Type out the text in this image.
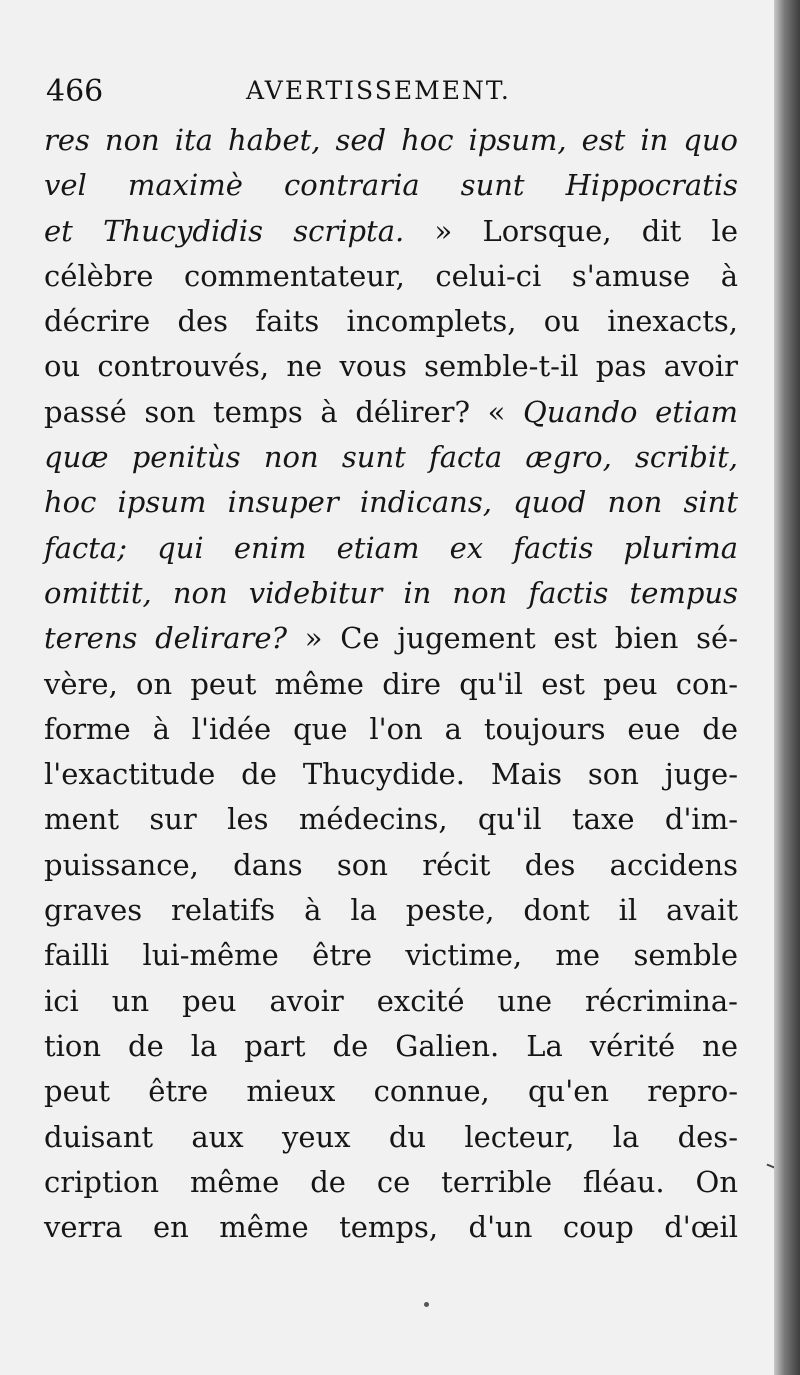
466	AVERTISSEMENT.
res non ita habet, sed hoc ipsum, est in quo
vel maximè contraria sunt Hippocratis
et Thucydidis scripta. » Lorsque, dit le
célèbre commentateur, celui-ci s'amuse à
décrire des faits incomplets, ou inexacts,
ou controuvés, ne vous semble-t-il pas avoir
passé son temps à délirer? « Quando etiam
quæ penitùs non sunt facta ægro, scribit,
hoc ipsum insuper indicans, quod non sint
facta; qui enim etiam ex factis plurima
omittit, non videbitur in non factis tempus
terens delirare? » Ce jugement est bien sé-
vère, on peut même dire qu'il est peu con-
forme à l'idée que l'on a toujours eue de
l'exactitude de Thucydide. Mais son juge-
ment sur les médecins, qu'il taxe d'im-
puissance, dans son récit des accidens
graves relatifs à la peste, dont il avait
failli lui-même être victime, me semble
ici un peu avoir excité une récrimina-
tion de la part de Galien. La vérité ne
peut être mieux connue, qu'en repro-
duisant aux yeux du lecteur, la des-
cription même de ce terrible fléau. On
verra en même temps, d'un coup d'œil
